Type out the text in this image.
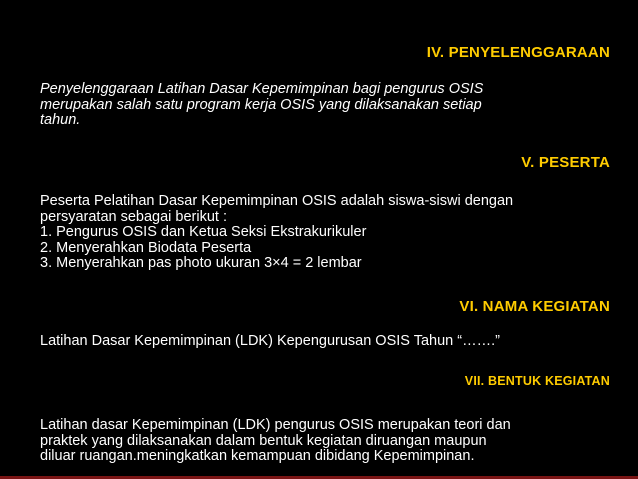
IV. PENYELENGGARAAN

Penyelenggaraan Latihan Dasar Kepemimpinan bagi pengurus OSIS
merupakan salah satu program kerja OSIS yang dilaksanakan setiap
tahun.

V. PESERTA

Peserta Pelatihan Dasar Kepemimpinan OSIS adalah siswa-siswi dengan
persyaratan sebagai berikut :
1. Pengurus OSIS dan Ketua Seksi Ekstrakurikuler
2. Menyerahkan Biodata Peserta
3. Menyerahkan pas photo ukuran 3×4 = 2 lembar

VI. NAMA KEGIATAN

Latihan Dasar Kepemimpinan (LDK) Kepengurusan OSIS Tahun “…….”

VII. BENTUK KEGIATAN

Latihan dasar Kepemimpinan (LDK) pengurus OSIS merupakan teori dan
praktek yang dilaksanakan dalam bentuk kegiatan diruangan maupun
diluar ruangan.meningkatkan kemampuan dibidang Kepemimpinan.
